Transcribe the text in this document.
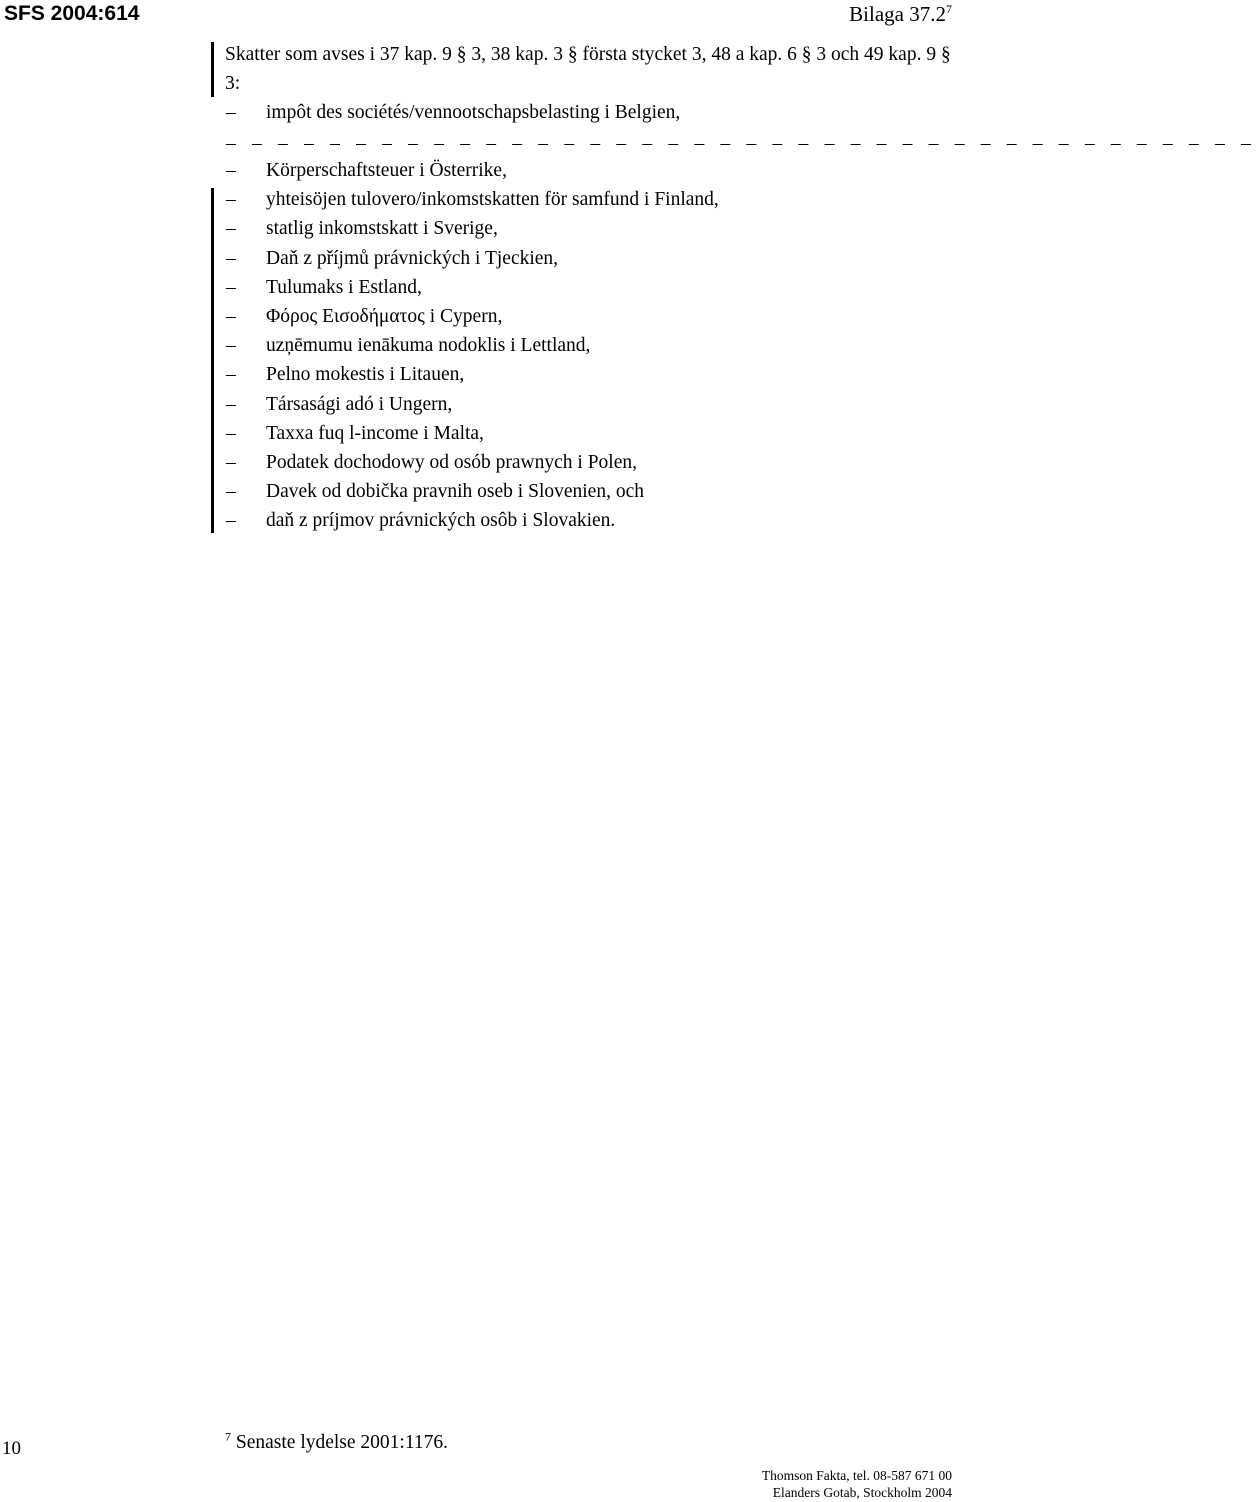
SFS 2004:614	Bilaga 37.2$^7$
Skatter som avses i 37 kap. 9 § 3, 38 kap. 3 § första stycket 3, 48 a kap. 6 § 3 och 49 kap. 9 § 3:
– impôt des sociétés/vennootschapsbelasting i Belgien,
– – – – – – – – – – – – – – – – – – – – – – – – – – – – – – – – – – – – – – – –
– Körperschaftsteuer i Österrike,
– yhteisöjen tulovero/inkomstskatten för samfund i Finland,
– statlig inkomstskatt i Sverige,
– Daň z příjmů právnických i Tjeckien,
– Tulumaks i Estland,
– Φόρος Εισοδήματος i Cypern,
– uzņēmumu ienākuma nodoklis i Lettland,
– Pelno mokestis i Litauen,
– Társasági adó i Ungern,
– Taxxa fuq l-income i Malta,
– Podatek dochodowy od osób prawnych i Polen,
– Davek od dobička pravnih oseb i Slovenien, och
– daň z príjmov právnických osôb i Slovakien.
10
$^7$ Senaste lydelse 2001:1176.
Thomson Fakta, tel. 08-587 671 00
Elanders Gotab, Stockholm 2004
